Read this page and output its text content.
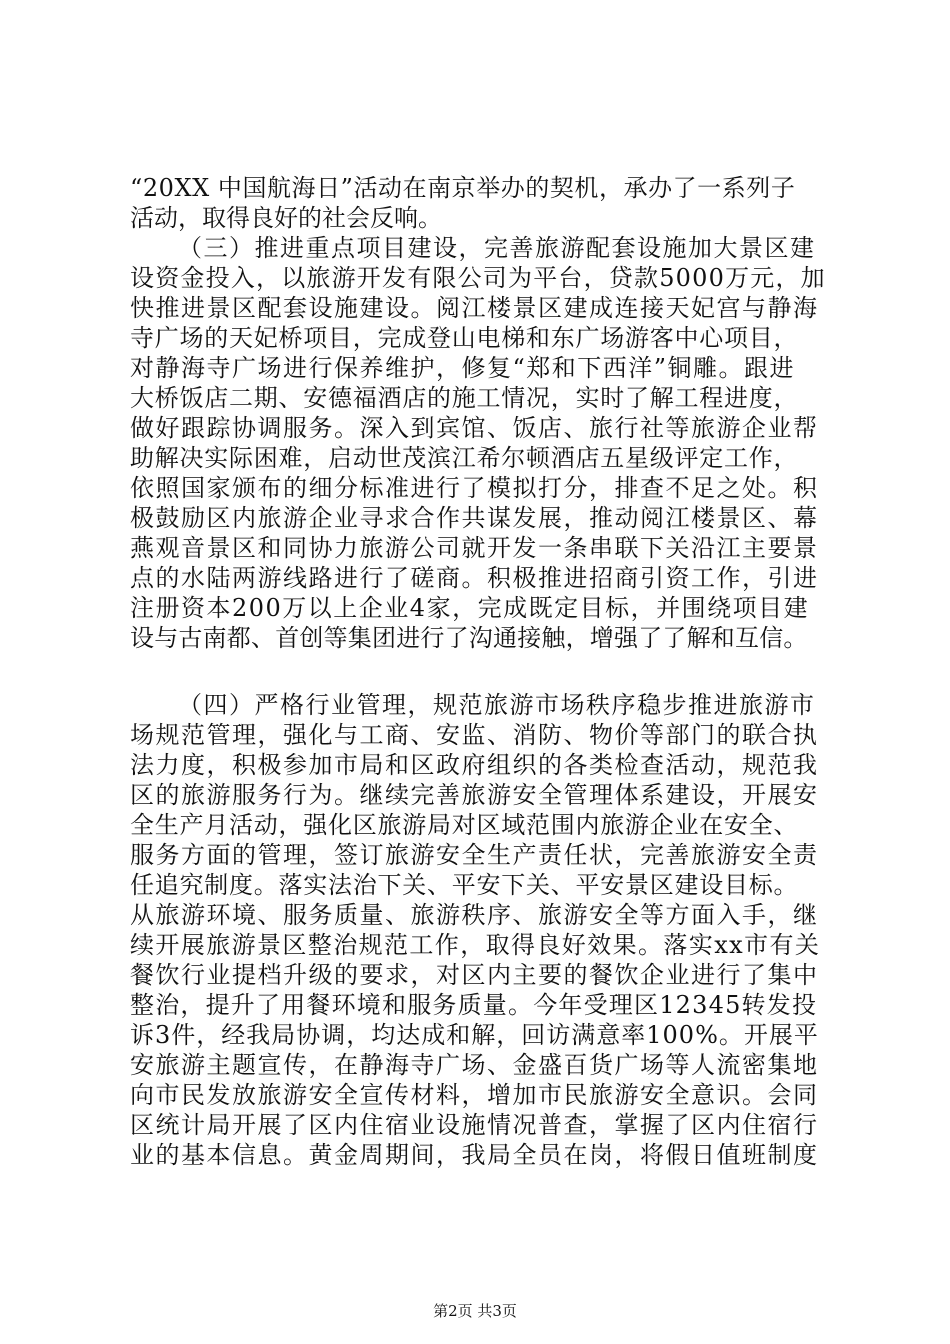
“20XX 中国航海日”活动在南京举办的契机，承办了一系列子
活动，取得良好的社会反响。
（三）推进重点项目建设，完善旅游配套设施加大景区建
设资金投入，以旅游开发有限公司为平台，贷款5000万元，加
快推进景区配套设施建设。阅江楼景区建成连接天妃宫与静海
寺广场的天妃桥项目，完成登山电梯和东广场游客中心项目，
对静海寺广场进行保养维护，修复“郑和下西洋”铜雕。跟进
大桥饭店二期、安德福酒店的施工情况，实时了解工程进度，
做好跟踪协调服务。深入到宾馆、饭店、旅行社等旅游企业帮
助解决实际困难，启动世茂滨江希尔顿酒店五星级评定工作，
依照国家颁布的细分标准进行了模拟打分，排查不足之处。积
极鼓励区内旅游企业寻求合作共谋发展，推动阅江楼景区、幕
燕观音景区和同协力旅游公司就开发一条串联下关沿江主要景
点的水陆两游线路进行了磋商。积极推进招商引资工作，引进
注册资本200万以上企业4家，完成既定目标，并围绕项目建
设与古南都、首创等集团进行了沟通接触，增强了了解和互信。
（四）严格行业管理，规范旅游市场秩序稳步推进旅游市
场规范管理，强化与工商、安监、消防、物价等部门的联合执
法力度，积极参加市局和区政府组织的各类检查活动，规范我
区的旅游服务行为。继续完善旅游安全管理体系建设，开展安
全生产月活动，强化区旅游局对区域范围内旅游企业在安全、
服务方面的管理，签订旅游安全生产责任状，完善旅游安全责
任追究制度。落实法治下关、平安下关、平安景区建设目标。
从旅游环境、服务质量、旅游秩序、旅游安全等方面入手，继
续开展旅游景区整治规范工作，取得良好效果。落实xx市有关
餐饮行业提档升级的要求，对区内主要的餐饮企业进行了集中
整治，提升了用餐环境和服务质量。今年受理区12345转发投
诉3件，经我局协调，均达成和解，回访满意率100%。开展平
安旅游主题宣传，在静海寺广场、金盛百货广场等人流密集地
向市民发放旅游安全宣传材料，增加市民旅游安全意识。会同
区统计局开展了区内住宿业设施情况普查，掌握了区内住宿行
业的基本信息。黄金周期间，我局全员在岗，将假日值班制度
第2页 共3页
